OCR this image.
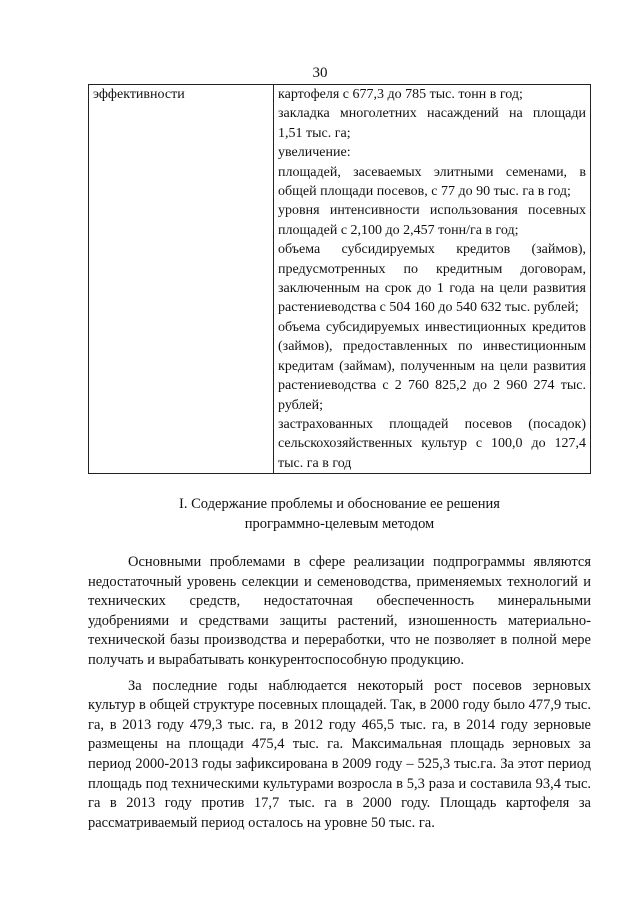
30
эффективности	картофеля с 677,3 до 785 тыс. тонн в год;
закладка многолетних насаждений на площади 1,51 тыс. га;
увеличение:
площадей, засеваемых элитными семенами, в общей площади посевов, с 77 до 90 тыс. га в год;
уровня интенсивности использования посевных площадей с 2,100 до 2,457 тонн/га в год;
объема субсидируемых кредитов (займов), предусмотренных по кредитным договорам, заключенным на срок до 1 года на цели развития растениеводства с 504 160 до 540 632 тыс. рублей;
объема субсидируемых инвестиционных кредитов (займов), предоставленных по инвестиционным кредитам (займам), полученным на цели развития растениеводства с 2 760 825,2 до 2 960 274 тыс. рублей;
застрахованных площадей посевов (посадок) сельскохозяйственных культур с 100,0 до 127,4 тыс. га в год
I. Содержание проблемы и обоснование ее решения
программно-целевым методом

Основными проблемами в сфере реализации подпрограммы являются недостаточный уровень селекции и семеноводства, применяемых технологий и технических средств, недостаточная обеспеченность минеральными удобрениями и средствами защиты растений, изношенность материально-технической базы производства и переработки, что не позволяет в полной мере получать и вырабатывать конкурентоспособную продукцию.

За последние годы наблюдается некоторый рост посевов зерновых культур в общей структуре посевных площадей. Так, в 2000 году было 477,9 тыс. га, в 2013 году 479,3 тыс. га, в 2012 году 465,5 тыс. га, в 2014 году зерновые размещены на площади 475,4 тыс. га. Максимальная площадь зерновых за период 2000-2013 годы зафиксирована в 2009 году – 525,3 тыс.га. За этот период площадь под техническими культурами возросла в 5,3 раза и составила 93,4 тыс. га в 2013 году против 17,7 тыс. га в 2000 году. Площадь картофеля за рассматриваемый период осталось на уровне 50 тыс. га.
